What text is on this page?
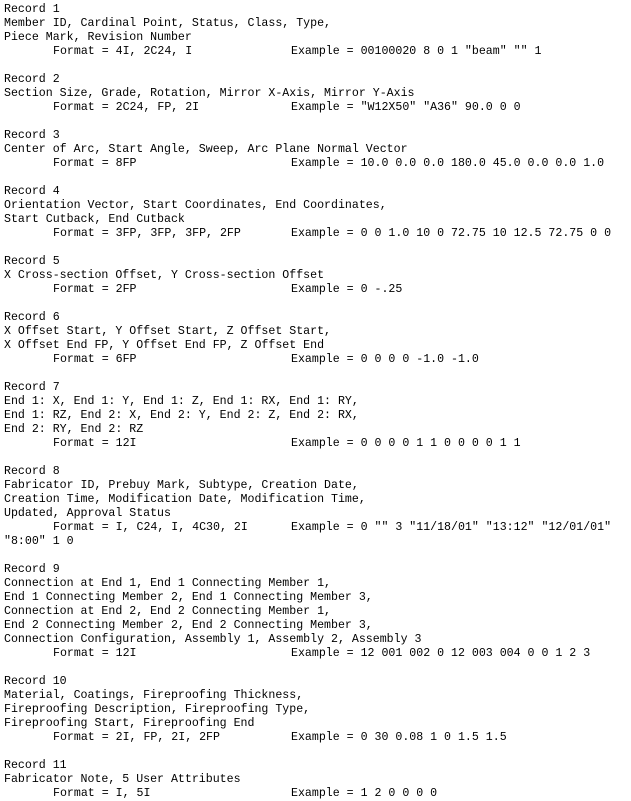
Record 1
Member ID, Cardinal Point, Status, Class, Type,
Piece Mark, Revision Number
Format = 4I, 2C24, I	Example = 00100020 8 0 1 "beam" "" 1
Record 2
Section Size, Grade, Rotation, Mirror X-Axis, Mirror Y-Axis
Format = 2C24, FP, 2I	Example = "W12X50" "A36" 90.0 0 0
Record 3
Center of Arc, Start Angle, Sweep, Arc Plane Normal Vector
Format = 8FP	Example = 10.0 0.0 0.0 180.0 45.0 0.0 0.0 1.0
Record 4
Orientation Vector, Start Coordinates, End Coordinates,
Start Cutback, End Cutback
Format = 3FP, 3FP, 3FP, 2FP	Example = 0 0 1.0 10 0 72.75 10 12.5 72.75 0 0
Record 5
X Cross-section Offset, Y Cross-section Offset
Format = 2FP	Example = 0 -.25
Record 6
X Offset Start, Y Offset Start, Z Offset Start,
X Offset End FP, Y Offset End FP, Z Offset End
Format = 6FP	Example = 0 0 0 0 -1.0 -1.0
Record 7
End 1: X, End 1: Y, End 1: Z, End 1: RX, End 1: RY,
End 1: RZ, End 2: X, End 2: Y, End 2: Z, End 2: RX,
End 2: RY, End 2: RZ
Format = 12I	Example = 0 0 0 0 1 1 0 0 0 0 1 1
Record 8
Fabricator ID, Prebuy Mark, Subtype, Creation Date,
Creation Time, Modification Date, Modification Time,
Updated, Approval Status
Format = I, C24, I, 4C30, 2I	Example = 0 "" 3 "11/18/01" "13:12" "12/01/01"
"8:00" 1 0
Record 9
Connection at End 1, End 1 Connecting Member 1,
End 1 Connecting Member 2, End 1 Connecting Member 3,
Connection at End 2, End 2 Connecting Member 1,
End 2 Connecting Member 2, End 2 Connecting Member 3,
Connection Configuration, Assembly 1, Assembly 2, Assembly 3
Format = 12I	Example = 12 001 002 0 12 003 004 0 0 1 2 3
Record 10
Material, Coatings, Fireproofing Thickness,
Fireproofing Description, Fireproofing Type,
Fireproofing Start, Fireproofing End
Format = 2I, FP, 2I, 2FP	Example = 0 30 0.08 1 0 1.5 1.5
Record 11
Fabricator Note, 5 User Attributes
Format = I, 5I	Example = 1 2 0 0 0 0
